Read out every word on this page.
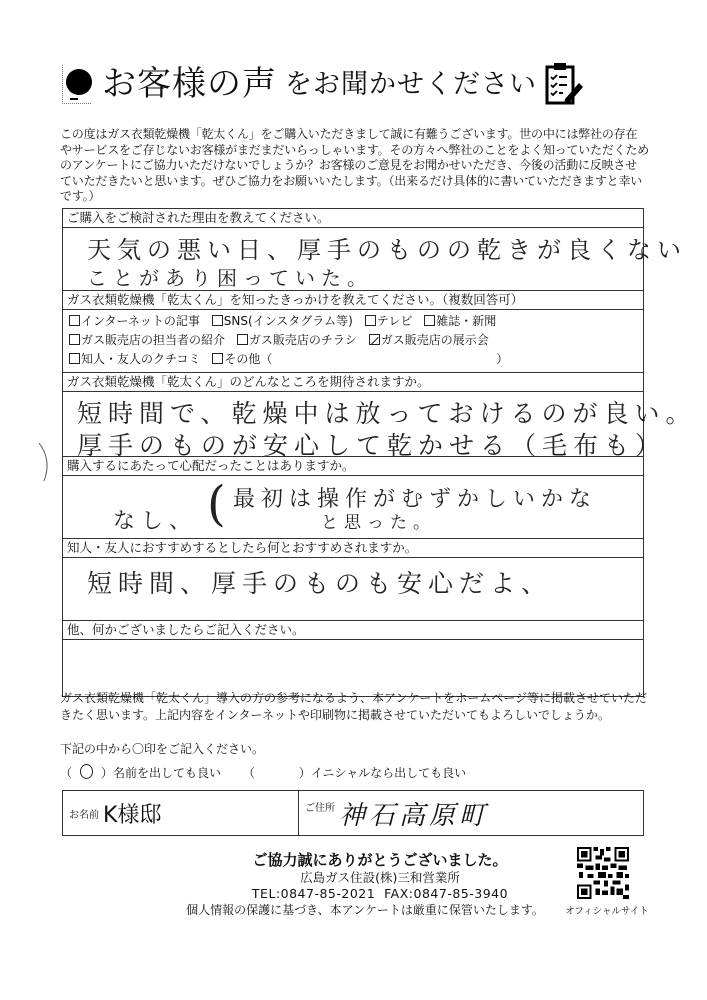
お客様の声 をお聞かせください
この度はガス衣類乾燥機「乾太くん」をご購入いただきまして誠に有難うございます。世の中には弊社の存在
やサービスをご存じないお客様がまだまだいらっしゃいます。その方々へ弊社のことをよく知っていただくため
のアンケートにご協力いただけないでしょうか？お客様のご意見をお聞かせいただき、今後の活動に反映させ
ていただきたいと思います。ぜひご協力をお願いいたします。（出来るだけ具体的に書いていただきますと幸い
です。）
ご購入をご検討された理由を教えてください。
天気の悪い日、厚手のものの乾きが良くない
ことがあり困っていた。
ガス衣類乾燥機「乾太くん」を知ったきっかけを教えてください。（複数回答可）
インターネットの記事 SNS(インスタグラム等) テレビ 雑誌・新聞
ガス販売店の担当者の紹介 ガス販売店のチラシ ガス販売店の展示会
知人・友人のクチコミ その他（	）
ガス衣類乾燥機「乾太くん」のどんなところを期待されますか。
短時間で、乾燥中は放っておけるのが良い。
厚手のものが安心して乾かせる（毛布も）
購入するにあたって心配だったことはありますか。
なし、 ( 最初は操作がむずかしいかな
と思った。
知人・友人におすすめするとしたら何とおすすめされますか。
短時間、厚手のものも安心だよ、
他、何かございましたらご記入ください。
ガス衣類乾燥機「乾太くん」導入の方の参考になるよう、本アンケートをホームページ等に掲載させていただ
きたく思います。上記内容をインターネットや印刷物に掲載させていただいてもよろしいでしょうか。
下記の中から〇印をご記入ください。
（ ○ ）名前を出しても良い （	）イニシャルなら出しても良い
お名前 K様邸	ご住所 神石高原町
ご協力誠にありがとうございました。
広島ガス住設(株)三和営業所
TEL:0847-85-2021 FAX:0847-85-3940
個人情報の保護に基づき、本アンケートは厳重に保管いたします。	オフィシャルサイト
